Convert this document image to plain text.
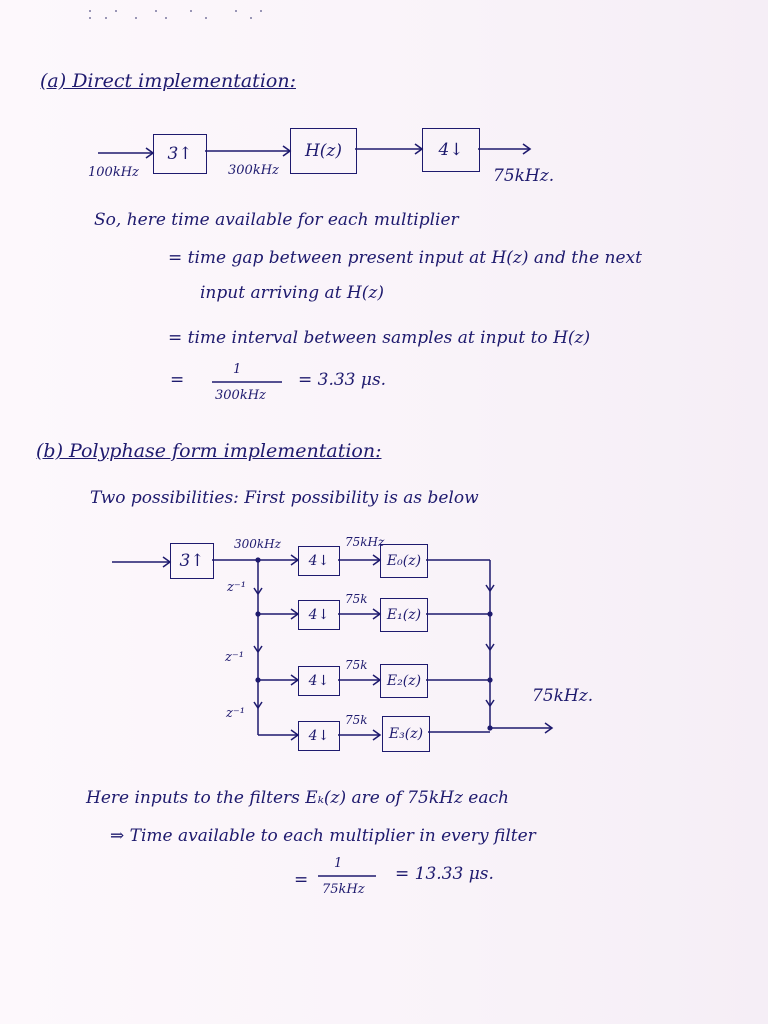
(a) Direct implementation:
3↑	H(z)	4↓
100kHz	300kHz	75kHz.
So, here time available for each multiplier
= time gap between present input at H(z) and the next
input arriving at H(z)
= time interval between samples at input to H(z)
=
1
300kHz
= 3.33 μs.
(b) Polyphase form implementation:
Two possibilities: First possibility is as below
3↑
300kHz	75kHz
75k
75k
75k
z⁻¹
z⁻¹
z⁻¹
4↓
4↓
4↓
4↓
E₀(z)
E₁(z)
E₂(z)
E₃(z)
75kHz.
Here inputs to the filters Eₖ(z) are of 75kHz each
⇒ Time available to each multiplier in every filter
=
1
75kHz
= 13.33 μs.
